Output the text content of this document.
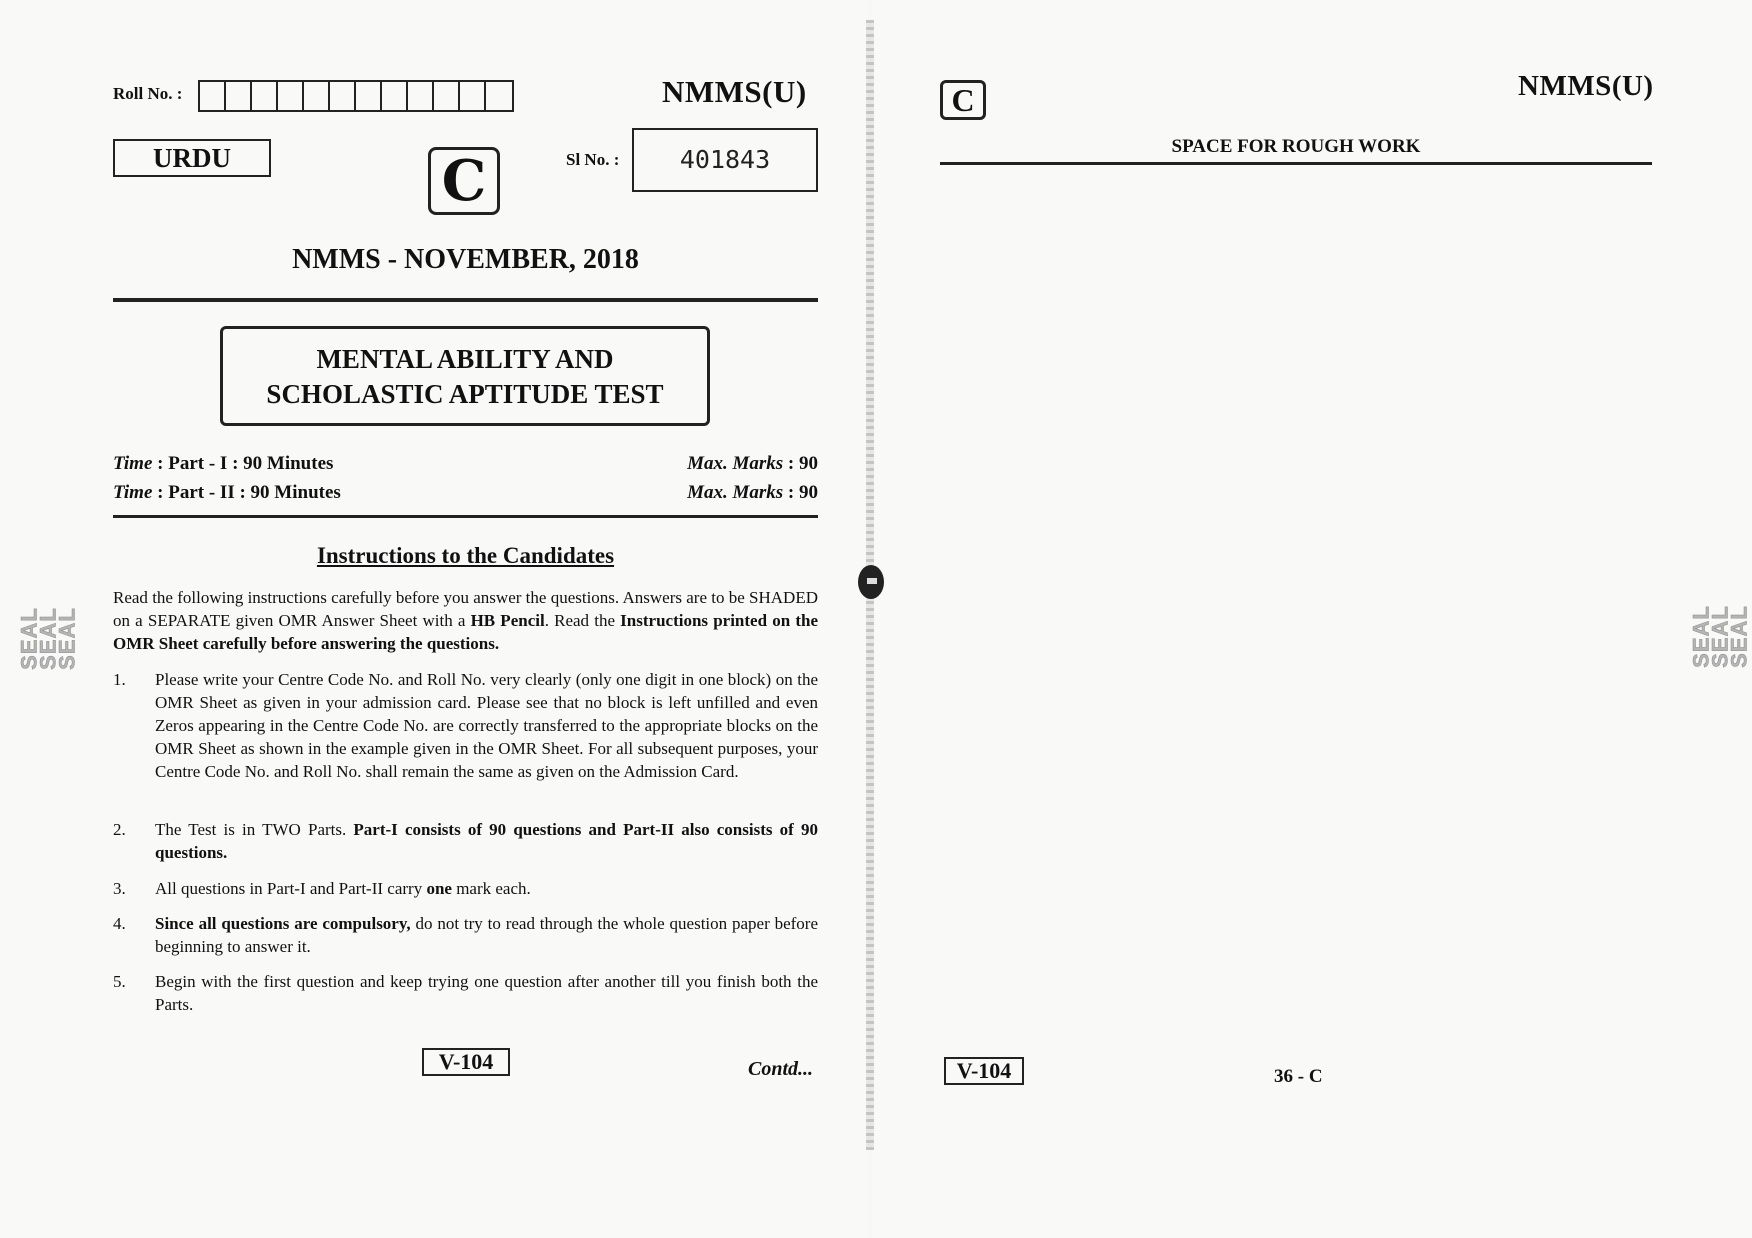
Roll No. :	NMMS(U)
URDU	C	Sl No. :	401843
NMMS - NOVEMBER, 2018
MENTAL ABILITY AND
SCHOLASTIC APTITUDE TEST
Time : Part - I : 90 Minutes	Max. Marks : 90
Time : Part - II : 90 Minutes	Max. Marks : 90
Instructions to the Candidates
Read the following instructions carefully before you answer the questions. Answers are to be SHADED on a SEPARATE given OMR Answer Sheet with a HB Pencil. Read the Instructions printed on the OMR Sheet carefully before answering the questions.
1.	Please write your Centre Code No. and Roll No. very clearly (only one digit in one block) on the OMR Sheet as given in your admission card. Please see that no block is left unfilled and even Zeros appearing in the Centre Code No. are correctly transferred to the appropriate blocks on the OMR Sheet as shown in the example given in the OMR Sheet. For all subsequent purposes, your Centre Code No. and Roll No. shall remain the same as given on the Admission Card.
2.	The Test is in TWO Parts. Part-I consists of 90 questions and Part-II also consists of 90 questions.
3.	All questions in Part-I and Part-II carry one mark each.
4.	Since all questions are compulsory, do not try to read through the whole question paper before beginning to answer it.
5.	Begin with the first question and keep trying one question after another till you finish both the Parts.
V-104	Contd...
SEAL
SEAL
SEAL
C	NMMS(U)
SPACE FOR ROUGH WORK
V-104	36 - C
SEAL
SEAL
SEAL
